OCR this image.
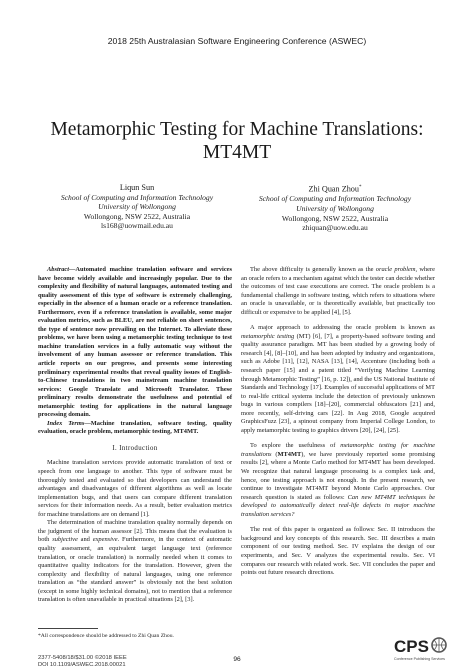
2018 25th Australasian Software Engineering Conference (ASWEC)
Metamorphic Testing for Machine Translations:
MT4MT
Liqun Sun
School of Computing and Information Technology
University of Wollongong
Wollongong, NSW 2522, Australia
ls168@uowmail.edu.au
Zhi Quan Zhou*
School of Computing and Information Technology
University of Wollongong
Wollongong, NSW 2522, Australia
zhiquan@uow.edu.au

Abstract—Automated machine translation software and services have become widely available and increasingly popular. Due to the complexity and flexibility of natural languages, automated testing and quality assessment of this type of software is extremely challenging, especially in the absence of a human oracle or a reference translation. Furthermore, even if a reference translation is available, some major evaluation metrics, such as BLEU, are not reliable on short sentences, the type of sentence now prevailing on the Internet. To alleviate these problems, we have been using a metamorphic testing technique to test machine translation services in a fully automatic way without the involvement of any human assessor or reference translation. This article reports on our progress, and presents some interesting preliminary experimental results that reveal quality issues of English-to-Chinese translations in two mainstream machine translation services: Google Translate and Microsoft Translator. These preliminary results demonstrate the usefulness and potential of metamorphic testing for applications in the natural language processing domain.

Index Terms—Machine translation, software testing, quality evaluation, oracle problem, metamorphic testing, MT4MT.

I. Introduction

Machine translation services provide automatic translation of text or speech from one language to another. This type of software must be thoroughly tested and evaluated so that developers can understand the advantages and disadvantages of different algorithms as well as locate implementation bugs, and that users can compare different translation services for their information needs. As a result, better evaluation metrics for machine translations are on demand [1].

The determination of machine translation quality normally depends on the judgment of the human assessor [2]. This means that the evaluation is both subjective and expensive. Furthermore, in the context of automatic quality assessment, an equivalent target language text (reference translation, or oracle translation) is normally needed when it comes to quantitative quality indicators for the translation. However, given the complexity and flexibility of natural languages, using one reference translation as “the standard answer” is obviously not the best solution (except in some highly technical domains), not to mention that a reference translation is often unavailable in practical situations [2], [3].

The above difficulty is generally known as the oracle problem, where an oracle refers to a mechanism against which the tester can decide whether the outcomes of test case executions are correct. The oracle problem is a fundamental challenge in software testing, which refers to situations where an oracle is unavailable, or is theoretically available, but practically too difficult or expensive to be applied [4], [5].

A major approach to addressing the oracle problem is known as metamorphic testing (MT) [6], [7], a property-based software testing and quality assurance paradigm. MT has been studied by a growing body of research [4], [8]–[10], and has been adopted by industry and organizations, such as Adobe [11], [12], NASA [13], [14], Accenture (including both a research paper [15] and a patent titled “Verifying Machine Learning through Metamorphic Testing” [16, p. 12]), and the US National Institute of Standards and Technology [17]. Examples of successful applications of MT to real-life critical systems include the detection of previously unknown bugs in various compilers [18]–[20], commercial obfuscators [21] and, more recently, self-driving cars [22]. In Aug 2018, Google acquired GraphicsFuzz [23], a spinout company from Imperial College London, to apply metamorphic testing to graphics drivers [20], [24], [25].

To explore the usefulness of metamorphic testing for machine translations (MT4MT), we have previously reported some promising results [2], where a Monte Carlo method for MT4MT has been developed. We recognize that natural language processing is a complex task and, hence, one testing approach is not enough. In the present research, we continue to investigate MT4MT beyond Monte Carlo approaches. Our research question is stated as follows: Can new MT4MT techniques be developed to automatically detect real-life defects in major machine translation services?

The rest of this paper is organized as follows: Sec. II introduces the background and key concepts of this research. Sec. III describes a main component of our testing method. Sec. IV explains the design of our experiments, and Sec. V analyzes the experimental results. Sec. VI compares our research with related work. Sec. VII concludes the paper and points out future research directions.

*All correspondence should be addressed to Zhi Quan Zhou.
2377-5408/18/$31.00 ©2018 IEEE
DOI 10.1109/ASWEC.2018.00021
96
CPS
Conference Publishing Services
